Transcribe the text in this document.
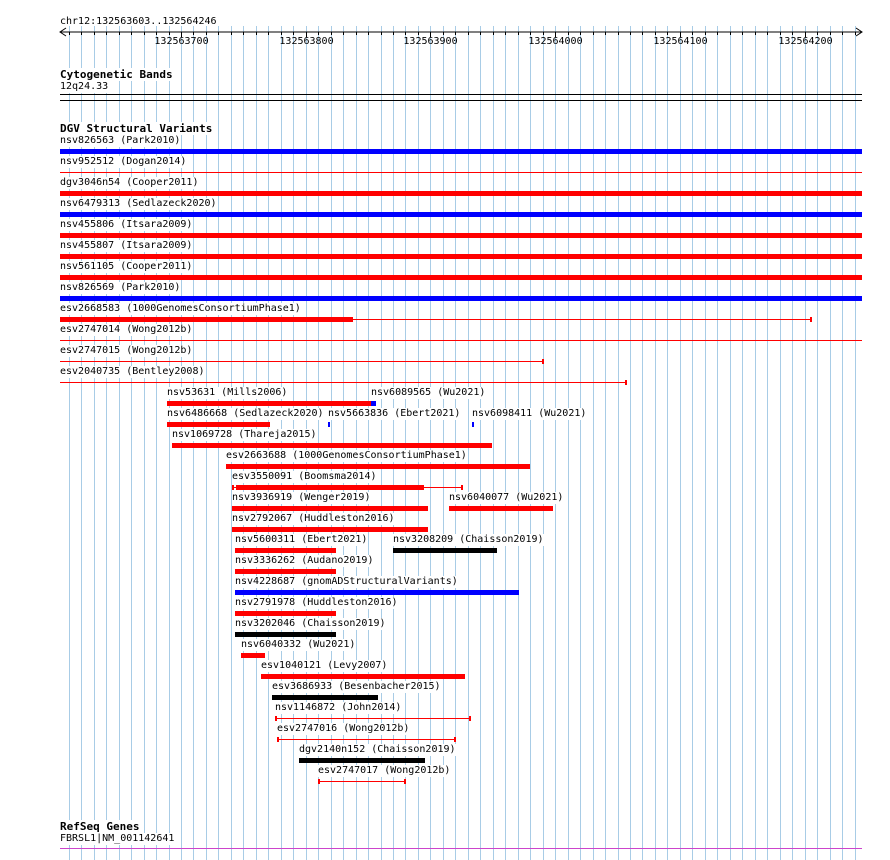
chr12:132563603..132564246
132563700	132563800	132563900	132564000	132564100	132564200
Cytogenetic Bands
12q24.33
DGV Structural Variants
nsv826563 (Park2010)
nsv952512 (Dogan2014)
dgv3046n54 (Cooper2011)
nsv6479313 (Sedlazeck2020)
nsv455806 (Itsara2009)
nsv455807 (Itsara2009)
nsv561105 (Cooper2011)
nsv826569 (Park2010)
esv2668583 (1000GenomesConsortiumPhase1)
esv2747014 (Wong2012b)
esv2747015 (Wong2012b)
esv2040735 (Bentley2008)
nsv53631 (Mills2006)	nsv6089565 (Wu2021)
nsv6486668 (Sedlazeck2020) nsv5663836 (Ebert2021) nsv6098411 (Wu2021)
nsv1069728 (Thareja2015)
esv2663688 (1000GenomesConsortiumPhase1)
esv3550091 (Boomsma2014)
nsv3936919 (Wenger2019)	nsv6040077 (Wu2021)
nsv2792067 (Huddleston2016)
nsv5600311 (Ebert2021)	nsv3208209 (Chaisson2019)
nsv3336262 (Audano2019)
nsv4228687 (gnomADStructuralVariants)
nsv2791978 (Huddleston2016)
nsv3202046 (Chaisson2019)
nsv6040332 (Wu2021)
esv1040121 (Levy2007)
esv3686933 (Besenbacher2015)
nsv1146872 (John2014)
esv2747016 (Wong2012b)
dgv2140n152 (Chaisson2019)
esv2747017 (Wong2012b)
RefSeq Genes
FBRSL1|NM_001142641
